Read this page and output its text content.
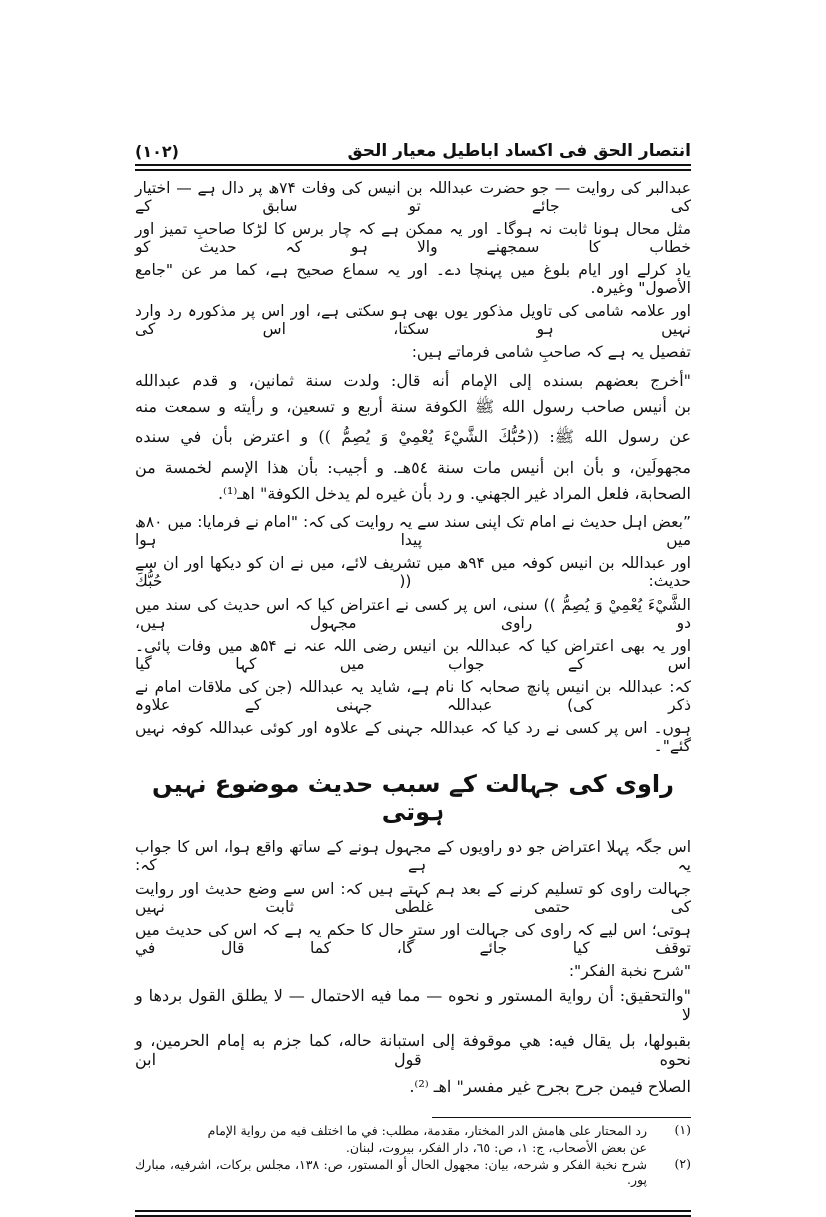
انتصار الحق فی اکساد اباطیل معیار الحق
(١٠٢)
عبدالبر کی روایت — جو حضرت عبداللہ بن انیس کی وفات ۷۴ھ پر دال ہے — اختیار کی جائے تو سابق کے
مثل محال ہونا ثابت نہ ہوگا۔ اور یہ ممکن ہے کہ چار برس کا لڑکا صاحبِ تمیز اور خطاب کا سمجھنے والا ہو کہ حدیث کو
یاد کرلے اور ایام بلوغ میں پہنچا دے۔ اور یہ سماع صحیح ہے، کما مر عن "جامع الأصول" وغیرہ.
اور علامہ شامی کی تاویل مذکور یوں بھی ہو سکتی ہے، اور اس پر مذکورہ رد وارد نہیں ہو سکتا، اس کی
تفصیل یہ ہے کہ صاحبِ شامی فرماتے ہیں:
"أخرج بعضهم بسنده إلى الإمام أنه قال: ولدت سنة ثمانين، و قدم عبدالله
بن أنيس صاحب رسول الله ﷺ الكوفة سنة أربع و تسعين، و رأيته و سمعت منه
عن رسول الله ﷺ: ((حُبُّكَ الشَّيْءَ يُعْمِيْ وَ يُصِمُّ )) و اعترض بأن في سنده
مجهولَين، و بأن ابن أنيس مات سنة ٥٤هـ. و أجيب: بأن هذا الإسم لخمسة من
الصحابة، فلعل المراد غير الجهني. و رد بأن غيره لم يدخل الكوفة" اهـ⁽¹⁾.
”بعض اہل حدیث نے امام تک اپنی سند سے یہ روایت کی کہ: "امام نے فرمایا: میں ۸۰ھ میں پیدا ہوا
اور عبداللہ بن انیس کوفہ میں ۹۴ھ میں تشریف لائے، میں نے ان کو دیکھا اور ان سے حدیث: (( حُبُّكَ
الشَّيْءَ يُعْمِيْ وَ يُصِمُّ )) سنی، اس پر کسی نے اعتراض کیا کہ اس حدیث کی سند میں دو راوی مجہول ہیں،
اور یہ بھی اعتراض کیا کہ عبداللہ بن انیس رضی اللہ عنہ نے ۵۴ھ میں وفات پائی۔ اس کے جواب میں کہا گیا
کہ: عبداللہ بن انیس پانچ صحابہ کا نام ہے، شاید یہ عبداللہ (جن کی ملاقات امام نے ذکر کی) عبداللہ جہنی کے علاوہ
ہوں۔ اس پر کسی نے رد کیا کہ عبداللہ جہنی کے علاوہ اور کوئی عبداللہ کوفہ نہیں گئے"۔
راوی کی جہالت کے سبب حدیث موضوع نہیں ہوتی
اس جگہ پہلا اعتراض جو دو راویوں کے مجہول ہونے کے ساتھ واقع ہوا، اس کا جواب یہ ہے کہ:
جہالت راوی کو تسلیم کرنے کے بعد ہم کہتے ہیں کہ: اس سے وضع حدیث اور روایت کی حتمی غلطی ثابت نہیں
ہوتی؛ اس لیے کہ راوی کی جہالت اور سترِ حال کا حکم یہ ہے کہ اس کی حدیث میں توقف کیا جائے گا، کما قال في
"شرح نخبة الفكر":
"والتحقيق: أن رواية المستور و نحوه — مما فيه الاحتمال — لا يطلق القول بردها و لا
بقبولها، بل يقال فيه: هي موقوفة إلى استبانة حاله، كما جزم به إمام الحرمين، و نحوه قول ابن
الصلاح فيمن جرح بجرح غير مفسر" اهـ ⁽²⁾.
(١)
رد المحتار على هامش الدر المختار، مقدمة، مطلب: في ما اختلف فيه من رواية الإمام
عن بعض الأصحاب، ج: ١، ص: ٦٥، دار الفكر، بيروت، لبنان.
(٢)
شرح نخبة الفكر و شرحه، بيان: مجهول الحال أو المستور، ص: ١٣٨، مجلس بركات، اشرفيه، مبارك پور.
